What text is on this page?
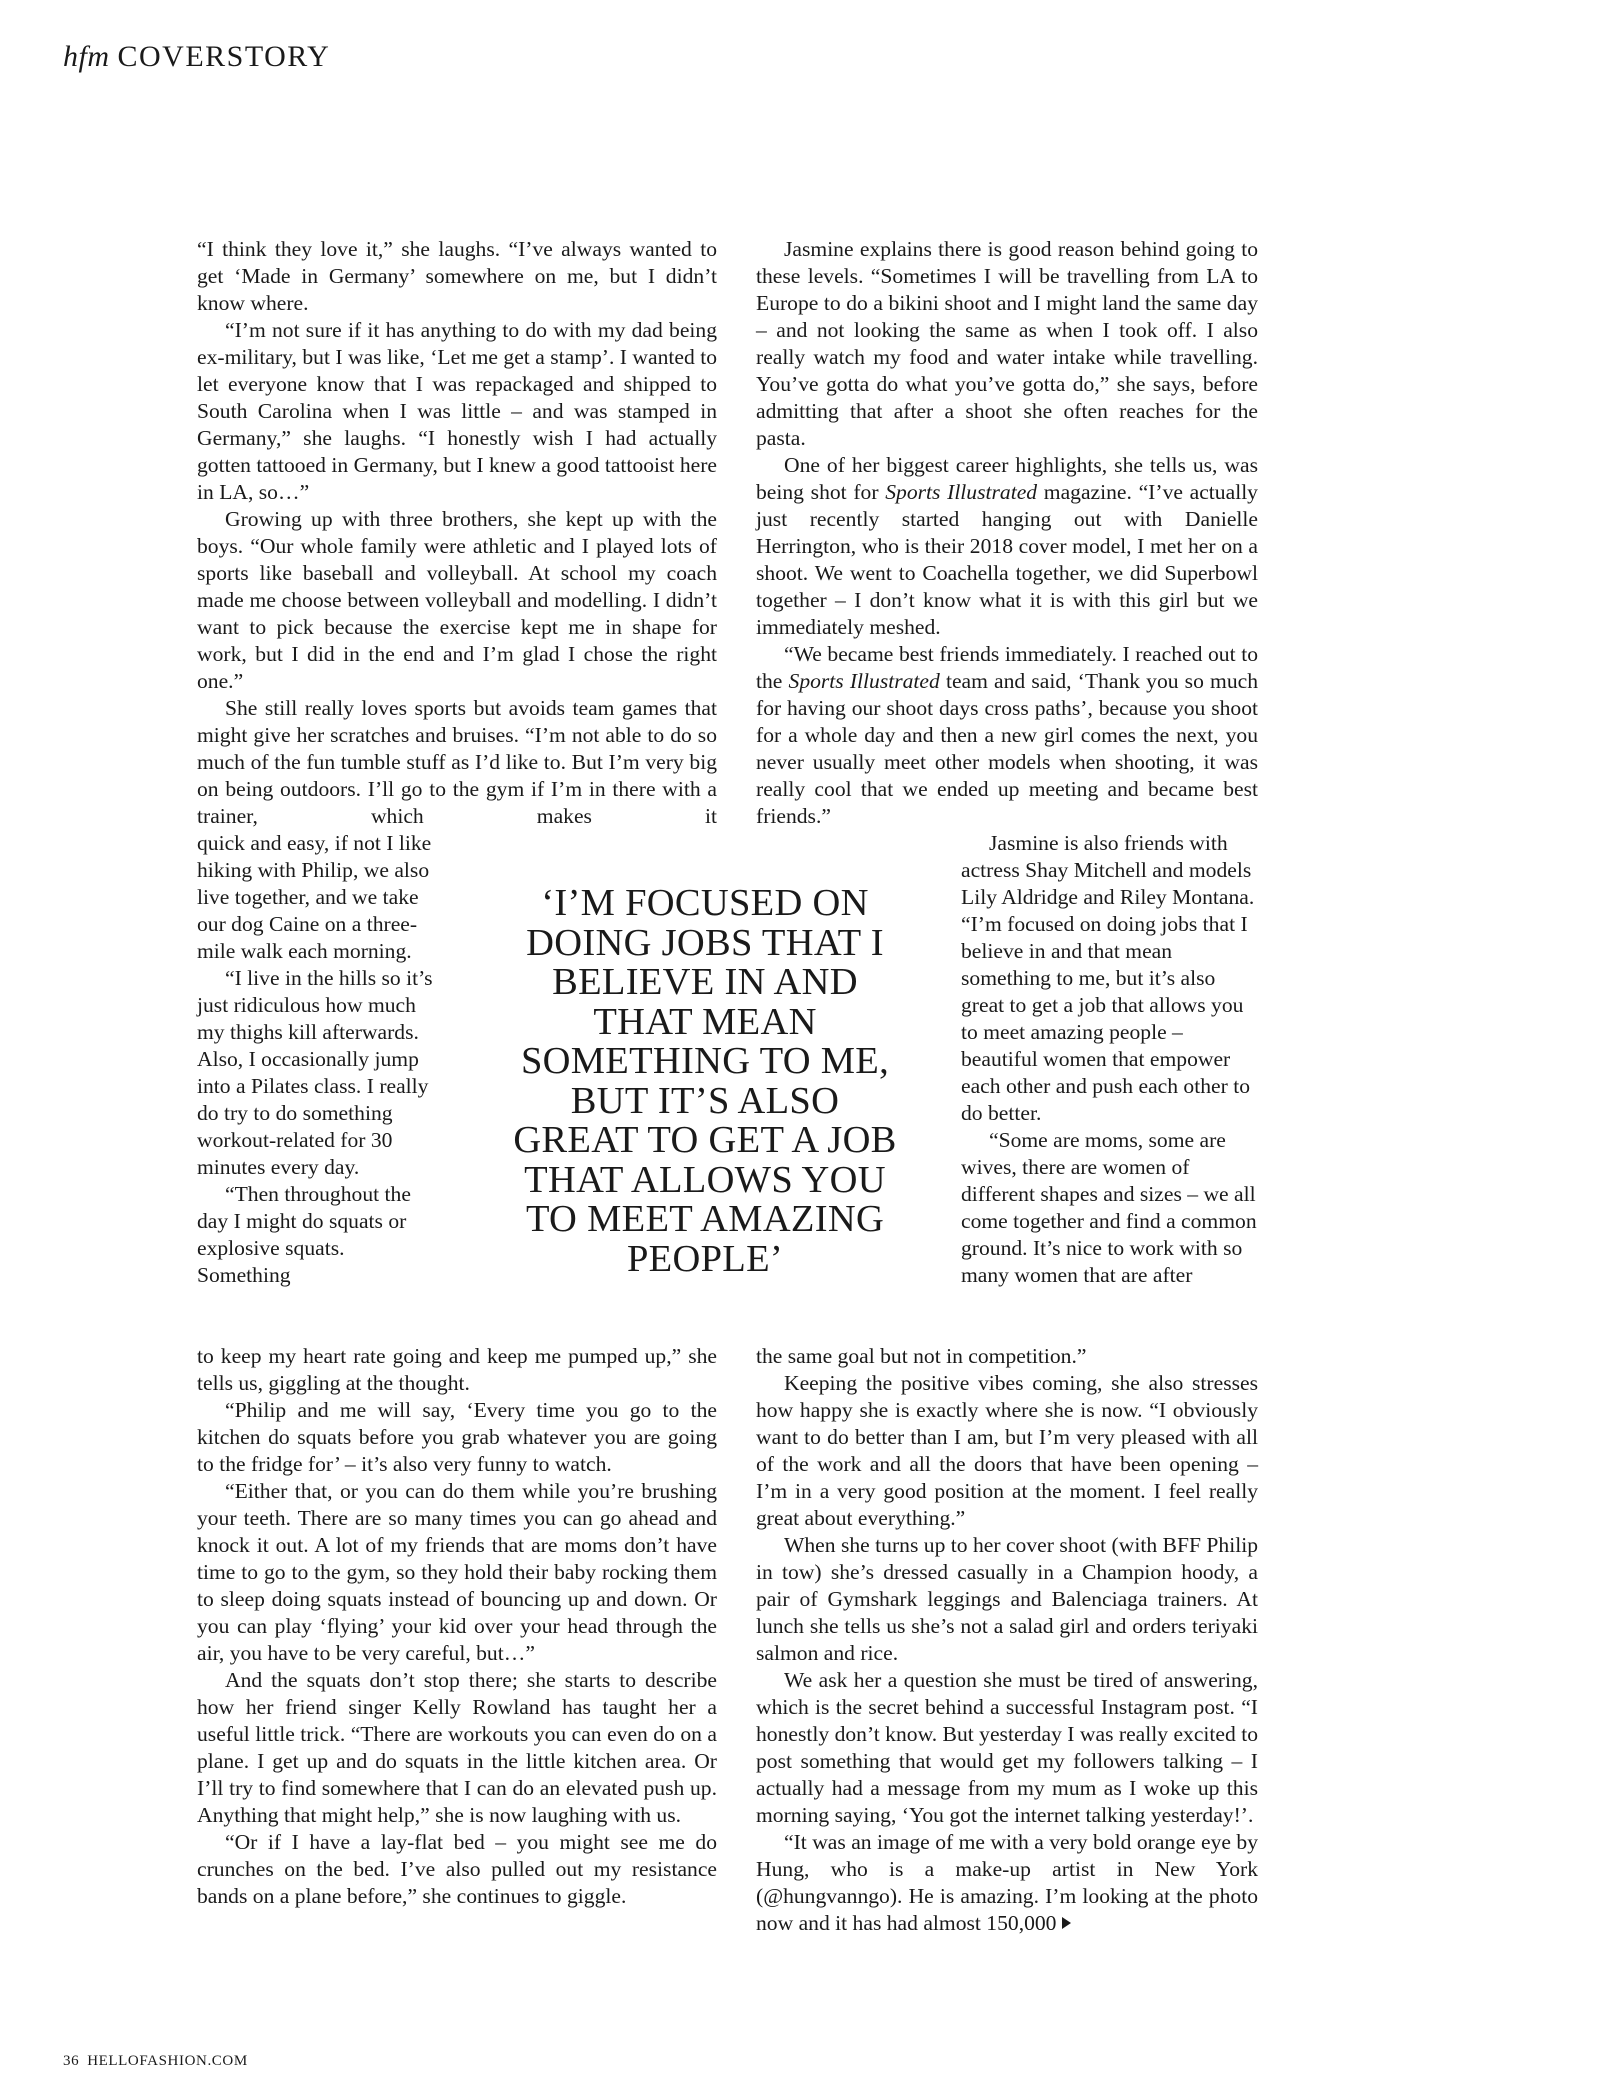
hfm COVERSTORY

“I think they love it,” she laughs. “I’ve always wanted to get ‘Made in Germany’ somewhere on me, but I didn’t know where.

“I’m not sure if it has anything to do with my dad being ex-military, but I was like, ‘Let me get a stamp’. I wanted to let everyone know that I was repackaged and shipped to South Carolina when I was little – and was stamped in Germany,” she laughs. “I honestly wish I had actually gotten tattooed in Germany, but I knew a good tattooist here in LA, so…”

Growing up with three brothers, she kept up with the boys. “Our whole family were athletic and I played lots of sports like baseball and volleyball. At school my coach made me choose between volleyball and modelling. I didn’t want to pick because the exercise kept me in shape for work, but I did in the end and I’m glad I chose the right one.”

She still really loves sports but avoids team games that might give her scratches and bruises. “I’m not able to do so much of the fun tumble stuff as I’d like to. But I’m very big on being outdoors. I’ll go to the gym if I’m in there with a trainer, which makes it

quick and easy, if not I like hiking with Philip, we also live together, and we take our dog Caine on a three-mile walk each morning.

“I live in the hills so it’s just ridiculous how much my thighs kill afterwards. Also, I occasionally jump into a Pilates class. I really do try to do something workout-related for 30 minutes every day.

“Then throughout the day I might do squats or explosive squats. Something

‘I’M FOCUSED ON DOING JOBS THAT I BELIEVE IN AND THAT MEAN SOMETHING TO ME, BUT IT’S ALSO GREAT TO GET A JOB THAT ALLOWS YOU TO MEET AMAZING PEOPLE’

to keep my heart rate going and keep me pumped up,” she tells us, giggling at the thought.

“Philip and me will say, ‘Every time you go to the kitchen do squats before you grab whatever you are going to the fridge for’ – it’s also very funny to watch.

“Either that, or you can do them while you’re brushing your teeth. There are so many times you can go ahead and knock it out. A lot of my friends that are moms don’t have time to go to the gym, so they hold their baby rocking them to sleep doing squats instead of bouncing up and down. Or you can play ‘flying’ your kid over your head through the air, you have to be very careful, but…”

And the squats don’t stop there; she starts to describe how her friend singer Kelly Rowland has taught her a useful little trick. “There are workouts you can even do on a plane. I get up and do squats in the little kitchen area. Or I’ll try to find somewhere that I can do an elevated push up. Anything that might help,” she is now laughing with us.

“Or if I have a lay-flat bed – you might see me do crunches on the bed. I’ve also pulled out my resistance bands on a plane before,” she continues to giggle.

Jasmine explains there is good reason behind going to these levels. “Sometimes I will be travelling from LA to Europe to do a bikini shoot and I might land the same day – and not looking the same as when I took off. I also really watch my food and water intake while travelling. You’ve gotta do what you’ve gotta do,” she says, before admitting that after a shoot she often reaches for the pasta.

One of her biggest career highlights, she tells us, was being shot for Sports Illustrated magazine. “I’ve actually just recently started hanging out with Danielle Herrington, who is their 2018 cover model, I met her on a shoot. We went to Coachella together, we did Superbowl together – I don’t know what it is with this girl but we immediately meshed.

“We became best friends immediately. I reached out to the Sports Illustrated team and said, ‘Thank you so much for having our shoot days cross paths’, because you shoot for a whole day and then a new girl comes the next, you never usually meet other models when shooting, it was really cool that we ended up meeting and became best friends.”

Jasmine is also friends with actress Shay Mitchell and models Lily Aldridge and Riley Montana. “I’m focused on doing jobs that I believe in and that mean something to me, but it’s also great to get a job that allows you to meet amazing people – beautiful women that empower each other and push each other to do better.

“Some are moms, some are wives, there are women of different shapes and sizes – we all come together and find a common ground. It’s nice to work with so many women that are after

the same goal but not in competition.”

Keeping the positive vibes coming, she also stresses how happy she is exactly where she is now. “I obviously want to do better than I am, but I’m very pleased with all of the work and all the doors that have been opening – I’m in a very good position at the moment. I feel really great about everything.”

When she turns up to her cover shoot (with BFF Philip in tow) she’s dressed casually in a Champion hoody, a pair of Gymshark leggings and Balenciaga trainers. At lunch she tells us she’s not a salad girl and orders teriyaki salmon and rice.

We ask her a question she must be tired of answering, which is the secret behind a successful Instagram post. “I honestly don’t know. But yesterday I was really excited to post something that would get my followers talking – I actually had a message from my mum as I woke up this morning saying, ‘You got the internet talking yesterday!’.

“It was an image of me with a very bold orange eye by Hung, who is a make-up artist in New York (@hungvanngo). He is amazing. I’m looking at the photo now and it has had almost 150,000

36 HELLOFASHION.COM
